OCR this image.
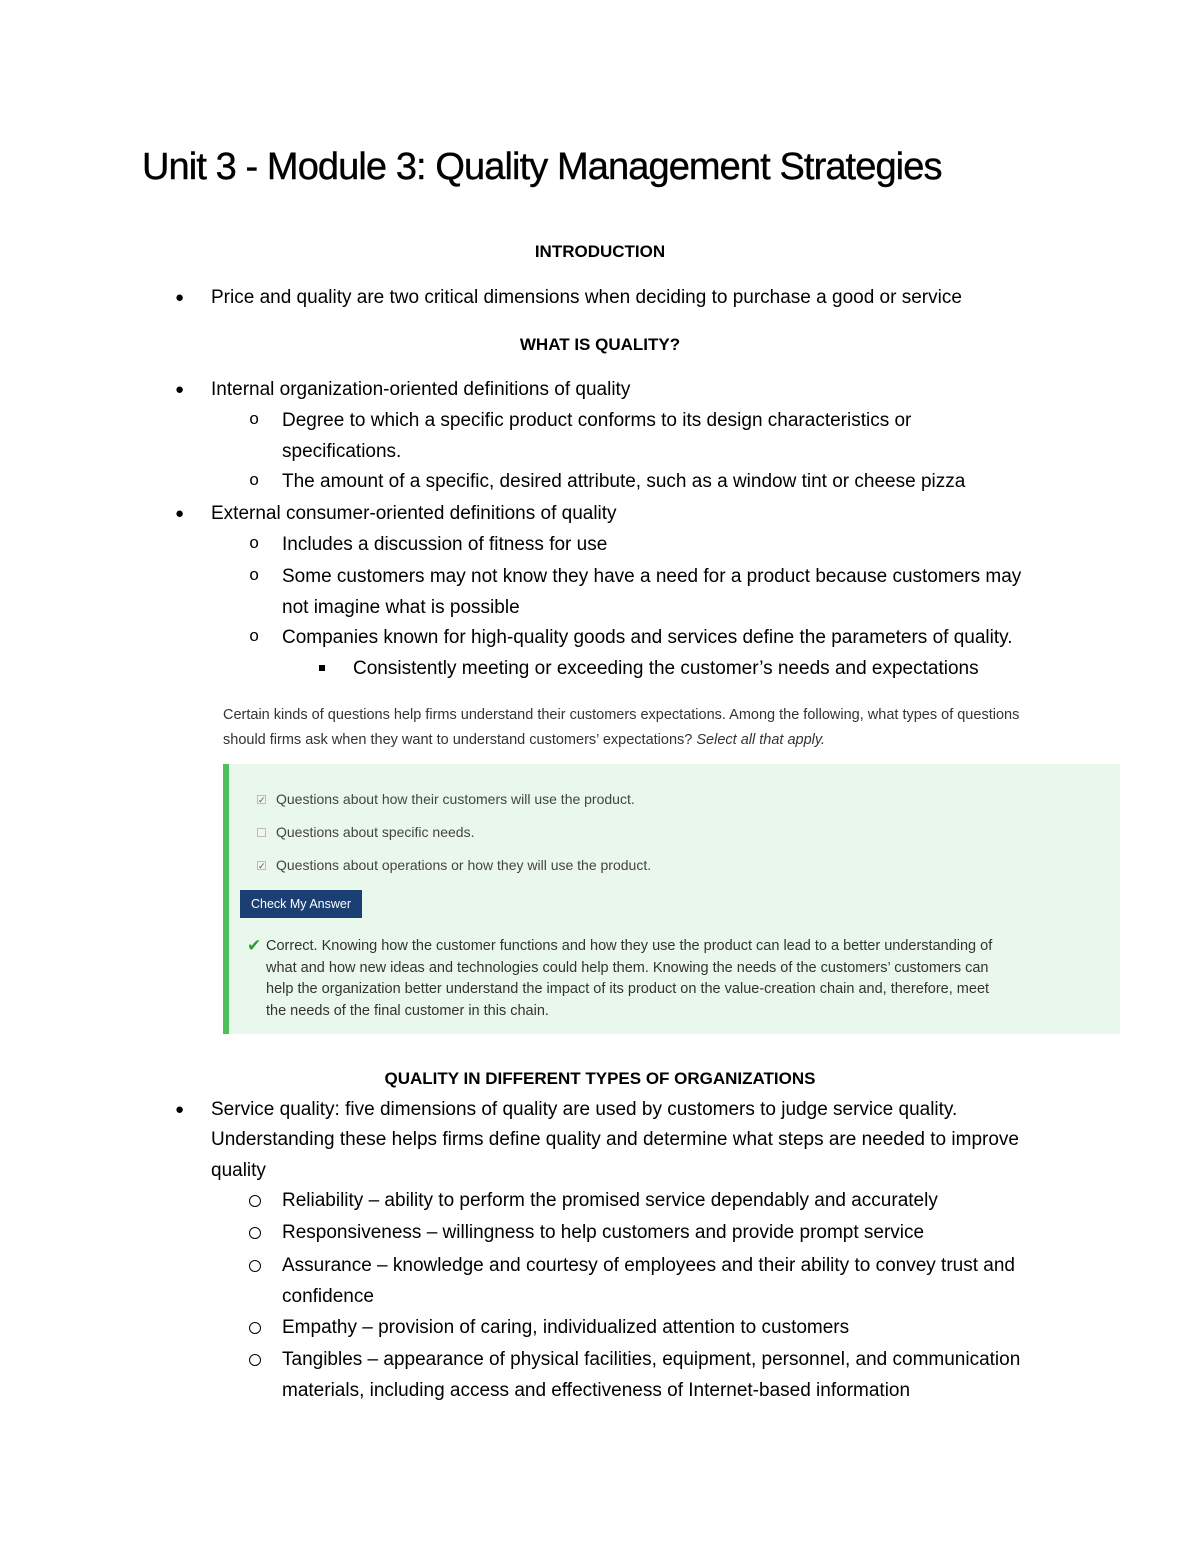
Unit 3 - Module 3: Quality Management Strategies

INTRODUCTION

● Price and quality are two critical dimensions when deciding to purchase a good or service

WHAT IS QUALITY?

● Internal organization-oriented definitions of quality

o Degree to which a specific product conforms to its design characteristics or

specifications.

o The amount of a specific, desired attribute, such as a window tint or cheese pizza

● External consumer-oriented definitions of quality

o Includes a discussion of fitness for use

o Some customers may not know they have a need for a product because customers may

not imagine what is possible

o Companies known for high-quality goods and services define the parameters of quality.

Consistently meeting or exceeding the customer’s needs and expectations

Certain kinds of questions help firms understand their customers expectations. Among the following, what types of questions
should firms ask when they want to understand customers’ expectations? Select all that apply.

✓ Questions about how their customers will use the product.
Questions about specific needs.
✓ Questions about operations or how they will use the product.
Check My Answer
✔ Correct. Knowing how the customer functions and how they use the product can lead to a better understanding of
what and how new ideas and technologies could help them. Knowing the needs of the customers’ customers can
help the organization better understand the impact of its product on the value-creation chain and, therefore, meet
the needs of the final customer in this chain.

QUALITY IN DIFFERENT TYPES OF ORGANIZATIONS

● Service quality: five dimensions of quality are used by customers to judge service quality.

Understanding these helps firms define quality and determine what steps are needed to improve

quality

Reliability – ability to perform the promised service dependably and accurately

Responsiveness – willingness to help customers and provide prompt service

Assurance – knowledge and courtesy of employees and their ability to convey trust and

confidence

Empathy – provision of caring, individualized attention to customers

Tangibles – appearance of physical facilities, equipment, personnel, and communication

materials, including access and effectiveness of Internet-based information
